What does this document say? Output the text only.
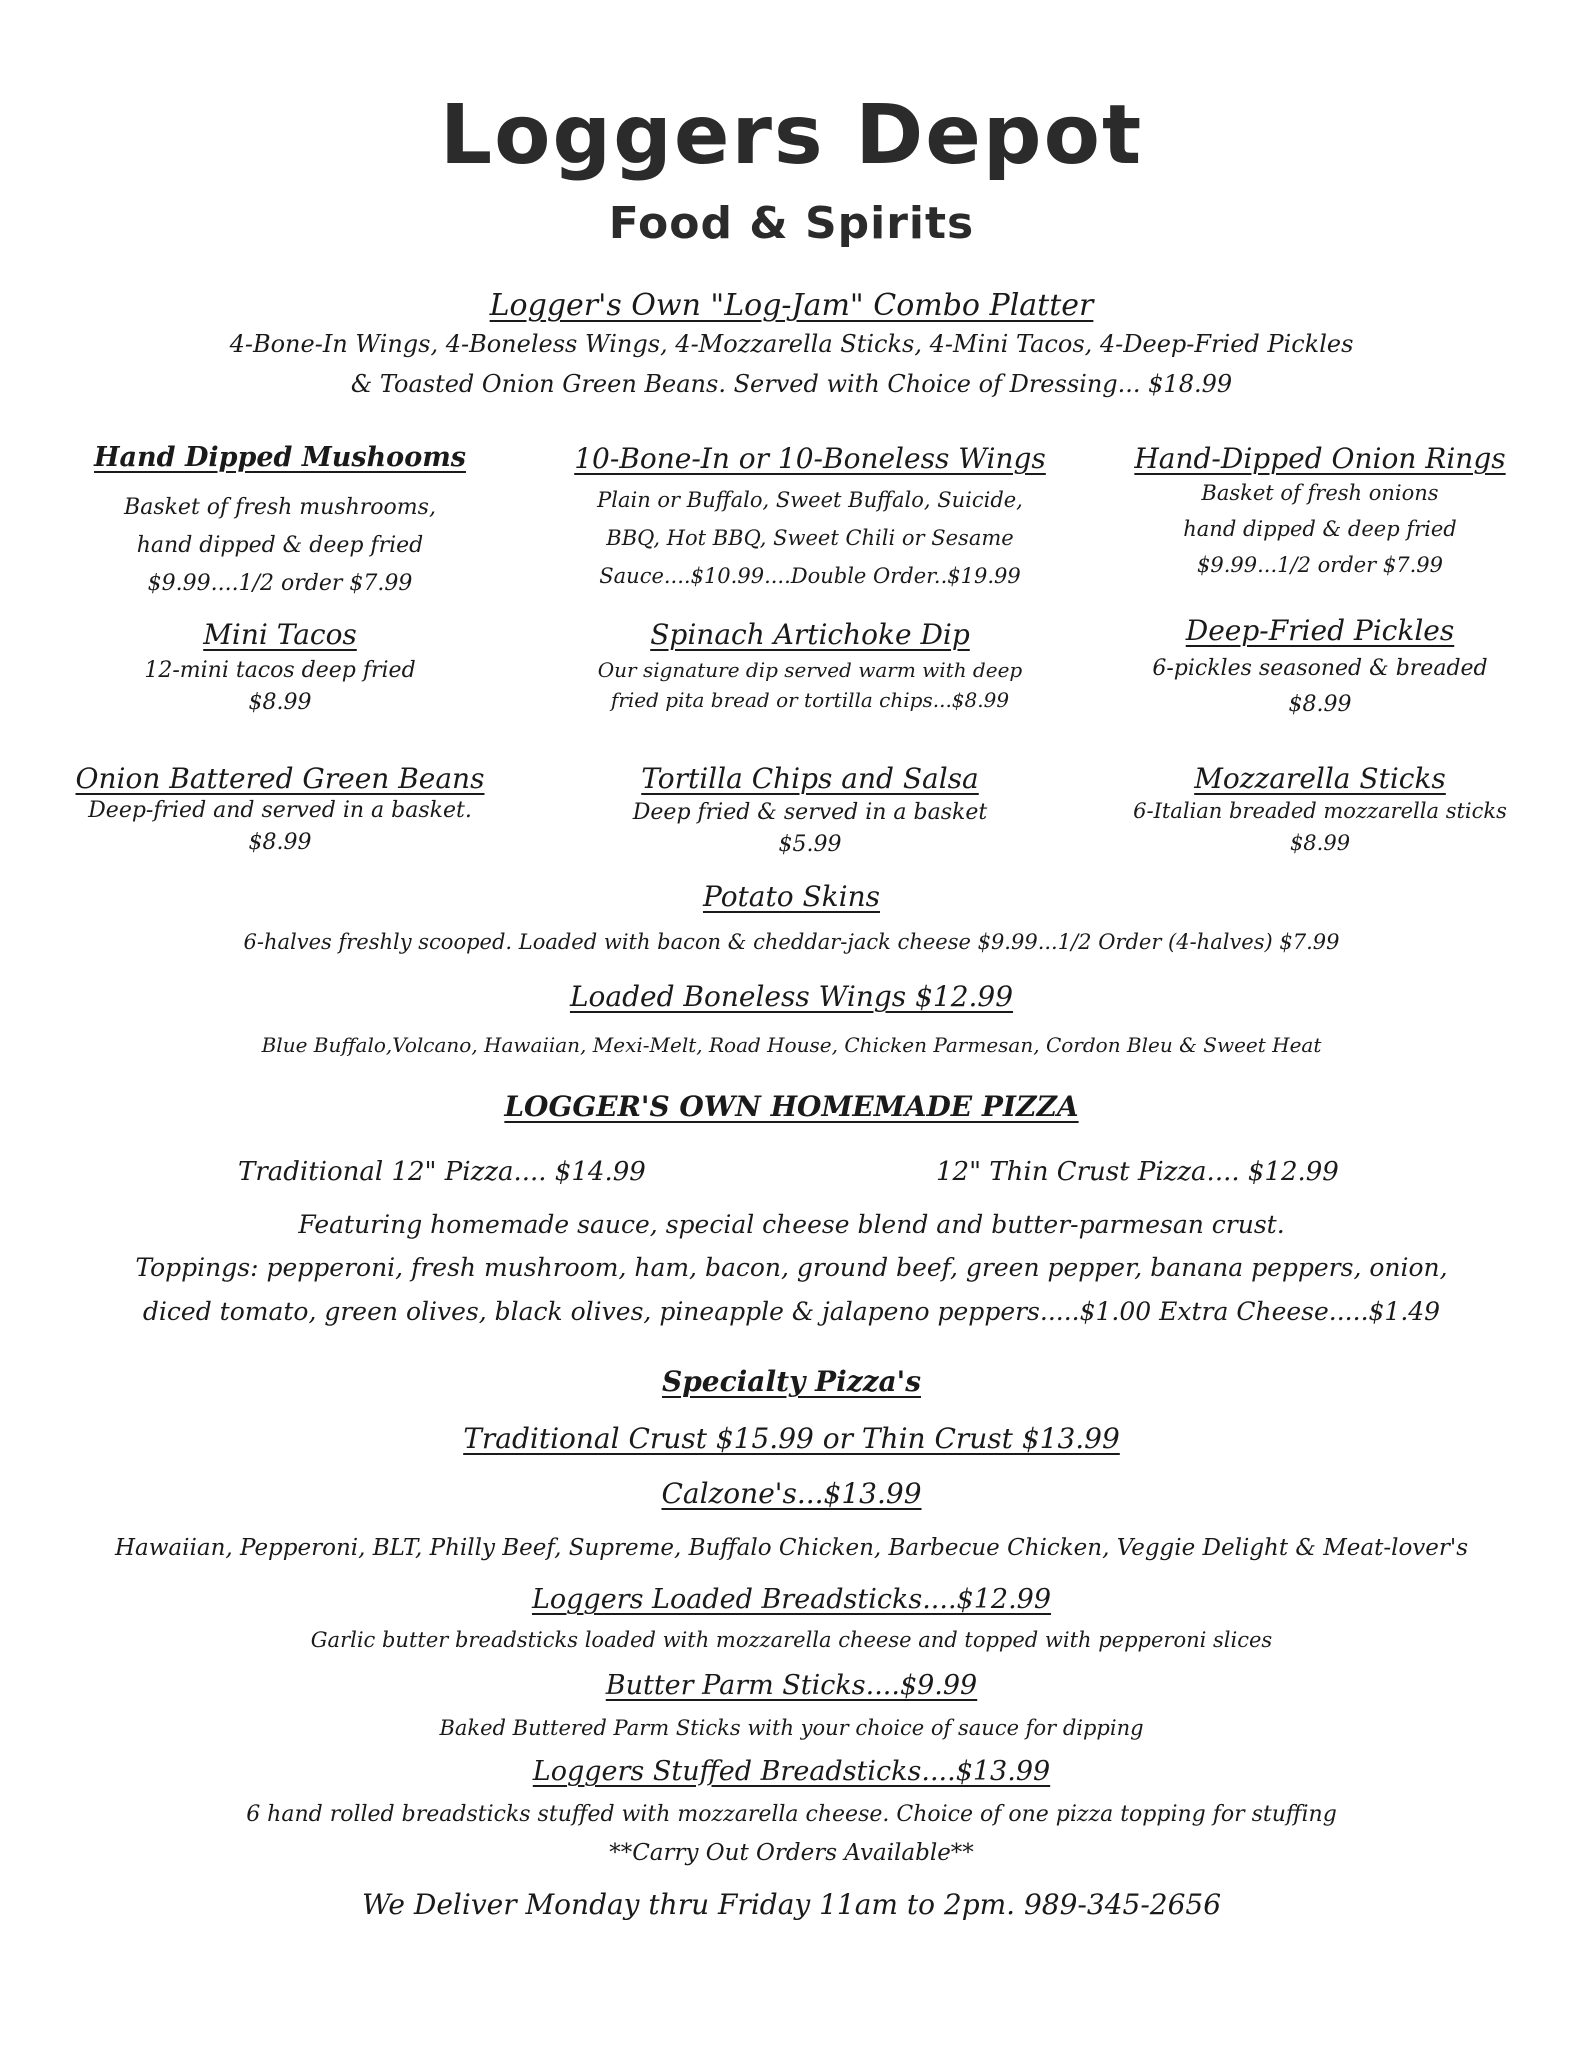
Loggers Depot
Food & Spirits
Logger's Own "Log-Jam" Combo Platter
4-Bone-In Wings, 4-Boneless Wings, 4-Mozzarella Sticks, 4-Mini Tacos, 4-Deep-Fried Pickles
& Toasted Onion Green Beans. Served with Choice of Dressing... $18.99
Hand Dipped Mushooms
Basket of fresh mushrooms,
hand dipped & deep fried
$9.99....1/2 order $7.99
10-Bone-In or 10-Boneless Wings
Plain or Buffalo, Sweet Buffalo, Suicide,
BBQ, Hot BBQ, Sweet Chili or Sesame
Sauce....$10.99....Double Order..$19.99
Hand-Dipped Onion Rings
Basket of fresh onions
hand dipped & deep fried
$9.99...1/2 order $7.99
Mini Tacos
12-mini tacos deep fried
$8.99
Spinach Artichoke Dip
Our signature dip served warm with deep
fried pita bread or tortilla chips...$8.99
Deep-Fried Pickles
6-pickles seasoned & breaded
$8.99
Onion Battered Green Beans
Deep-fried and served in a basket.
$8.99
Tortilla Chips and Salsa
Deep fried & served in a basket
$5.99
Mozzarella Sticks
6-Italian breaded mozzarella sticks
$8.99
Potato Skins
6-halves freshly scooped. Loaded with bacon & cheddar-jack cheese $9.99...1/2 Order (4-halves) $7.99
Loaded Boneless Wings $12.99
Blue Buffalo,Volcano, Hawaiian, Mexi-Melt, Road House, Chicken Parmesan, Cordon Bleu & Sweet Heat
LOGGER'S OWN HOMEMADE PIZZA
Traditional 12" Pizza.... $14.99	12" Thin Crust Pizza.... $12.99
Featuring homemade sauce, special cheese blend and butter-parmesan crust.
Toppings: pepperoni, fresh mushroom, ham, bacon, ground beef, green pepper, banana peppers, onion,
diced tomato, green olives, black olives, pineapple & jalapeno peppers.....$1.00 Extra Cheese.....$1.49
Specialty Pizza's
Traditional Crust $15.99 or Thin Crust $13.99
Calzone's...$13.99
Hawaiian, Pepperoni, BLT, Philly Beef, Supreme, Buffalo Chicken, Barbecue Chicken, Veggie Delight & Meat-lover's
Loggers Loaded Breadsticks....$12.99
Garlic butter breadsticks loaded with mozzarella cheese and topped with pepperoni slices
Butter Parm Sticks....$9.99
Baked Buttered Parm Sticks with your choice of sauce for dipping
Loggers Stuffed Breadsticks....$13.99
6 hand rolled breadsticks stuffed with mozzarella cheese. Choice of one pizza topping for stuffing
**Carry Out Orders Available**
We Deliver Monday thru Friday 11am to 2pm. 989-345-2656
